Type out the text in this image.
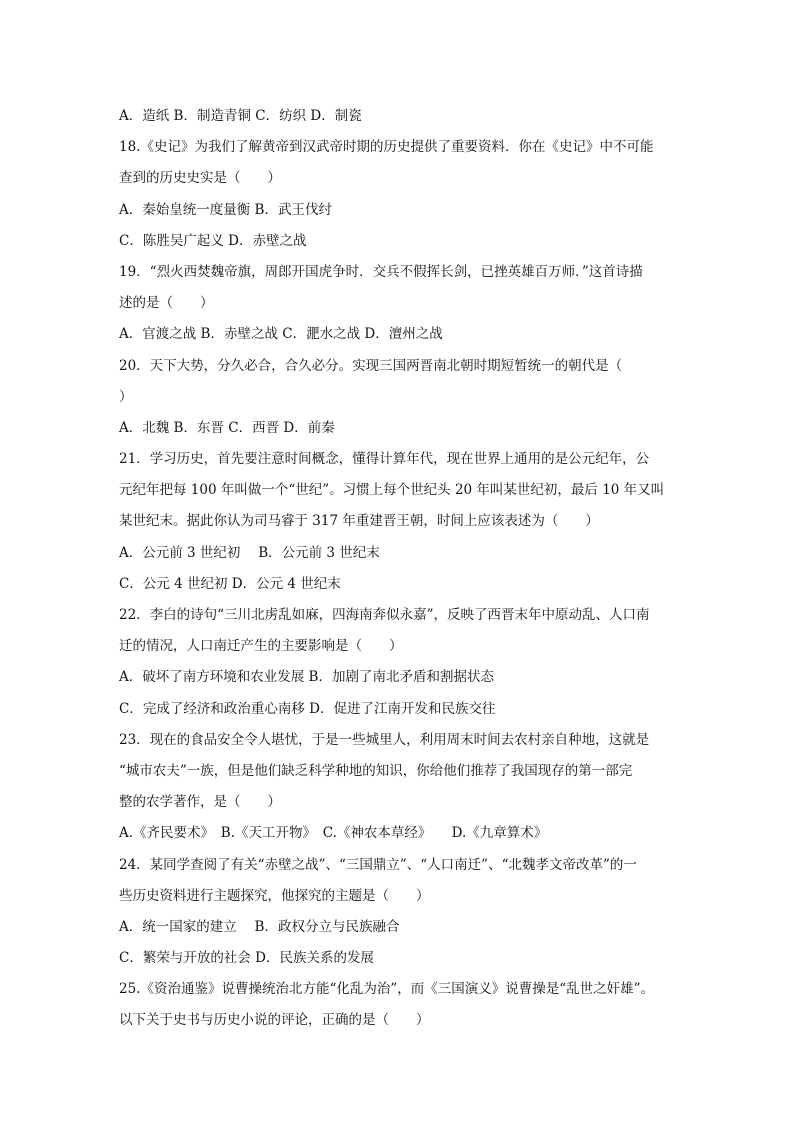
A．造纸 B．制造青铜 C．纺织 D．制瓷
18.《史记》为我们了解黄帝到汉武帝时期的历史提供了重要资料．你在《史记》中不可能
查到的历史史实是（　　）
A．秦始皇统一度量衡 B．武王伐纣
C．陈胜吴广起义 D．赤壁之战
19．“烈火西焚魏帝旗，周郎开国虎争时．交兵不假挥长剑，已挫英雄百万师．”这首诗描
述的是（　　）
A．官渡之战 B．赤壁之战 C．淝水之战 D．澶州之战
20．天下大势，分久必合，合久必分。实现三国两晋南北朝时期短暂统一的朝代是（
）
A．北魏 B．东晋 C．西晋 D．前秦
21．学习历史，首先要注意时间概念，懂得计算年代，现在世界上通用的是公元纪年，公
元纪年把每 100 年叫做一个“世纪”。习惯上每个世纪头 20 年叫某世纪初，最后 10 年又叫
某世纪末。据此你认为司马睿于 317 年重建晋王朝，时间上应该表述为（　　）
A．公元前 3 世纪初　 B．公元前 3 世纪末
C．公元 4 世纪初 D．公元 4 世纪末
22．李白的诗句“三川北虏乱如麻，四海南奔似永嘉”，反映了西晋末年中原动乱、人口南
迁的情况，人口南迁产生的主要影响是（　　）
A．破坏了南方环境和农业发展 B．加剧了南北矛盾和割据状态
C．完成了经济和政治重心南移 D．促进了江南开发和民族交往
23．现在的食品安全令人堪忧，于是一些城里人，利用周末时间去农村亲自种地，这就是
“城市农夫”一族，但是他们缺乏科学种地的知识，你给他们推荐了我国现存的第一部完
整的农学著作，是（　　）
A.《齐民要术》　B.《天工开物》　C.《神农本草经》　　D.《九章算术》
24．某同学查阅了有关“赤壁之战”、“三国鼎立”、“人口南迁”、“北魏孝文帝改革”的一
些历史资料进行主题探究，他探究的主题是（　　）
A．统一国家的建立　 B．政权分立与民族融合
C．繁荣与开放的社会 D．民族关系的发展
25.《资治通鉴》说曹操统治北方能“化乱为治”，而《三国演义》说曹操是“乱世之奸雄”。
以下关于史书与历史小说的评论，正确的是（　　）
